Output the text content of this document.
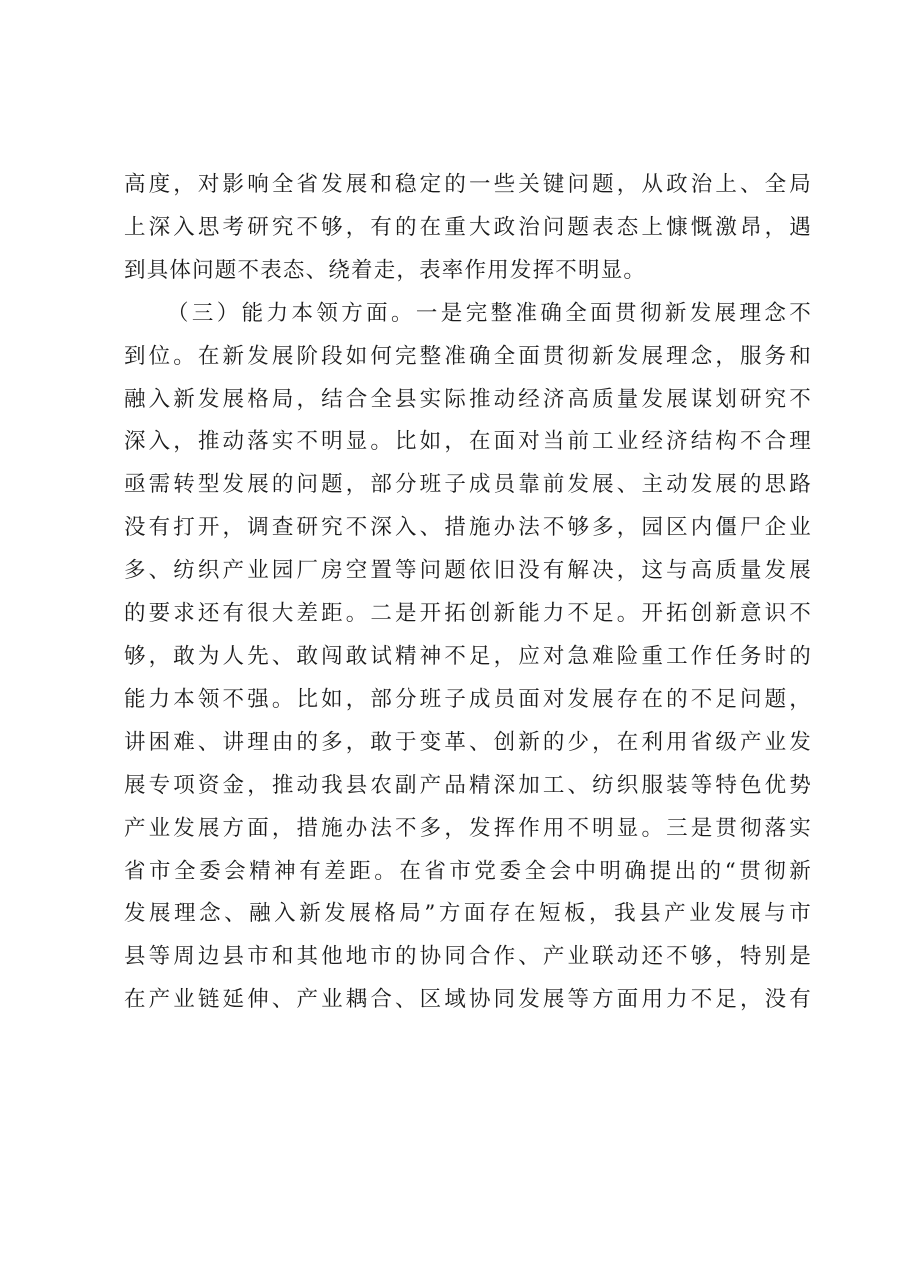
高度，对影响全省发展和稳定的一些关键问题，从政治上、全局
上深入思考研究不够，有的在重大政治问题表态上慷慨激昂，遇
到具体问题不表态、绕着走，表率作用发挥不明显。
（三）能力本领方面。一是完整准确全面贯彻新发展理念不
到位。在新发展阶段如何完整准确全面贯彻新发展理念，服务和
融入新发展格局，结合全县实际推动经济高质量发展谋划研究不
深入，推动落实不明显。比如，在面对当前工业经济结构不合理
亟需转型发展的问题，部分班子成员靠前发展、主动发展的思路
没有打开，调查研究不深入、措施办法不够多，园区内僵尸企业
多、纺织产业园厂房空置等问题依旧没有解决，这与高质量发展
的要求还有很大差距。二是开拓创新能力不足。开拓创新意识不
够，敢为人先、敢闯敢试精神不足，应对急难险重工作任务时的
能力本领不强。比如，部分班子成员面对发展存在的不足问题，
讲困难、讲理由的多，敢于变革、创新的少，在利用省级产业发
展专项资金，推动我县农副产品精深加工、纺织服装等特色优势
产业发展方面，措施办法不多，发挥作用不明显。三是贯彻落实
省市全委会精神有差距。在省市党委全会中明确提出的“贯彻新
发展理念、融入新发展格局”方面存在短板，我县产业发展与市
县等周边县市和其他地市的协同合作、产业联动还不够，特别是
在产业链延伸、产业耦合、区域协同发展等方面用力不足，没有
